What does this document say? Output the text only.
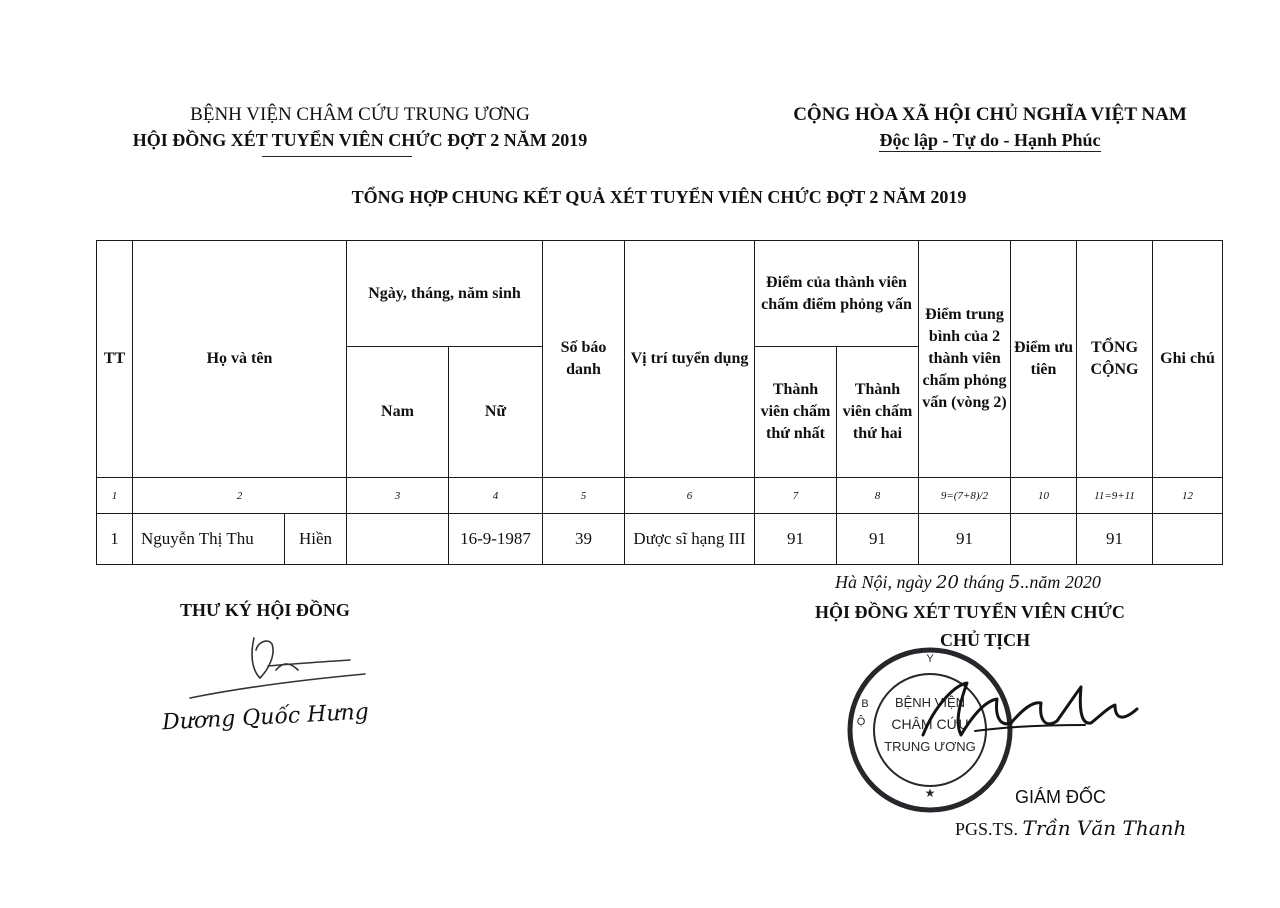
BỆNH VIỆN CHÂM CỨU TRUNG ƯƠNG
HỘI ĐỒNG XÉT TUYỂN VIÊN CHỨC ĐỢT 2 NĂM 2019
CỘNG HÒA XÃ HỘI CHỦ NGHĨA VIỆT NAM
Độc lập - Tự do - Hạnh Phúc
TỔNG HỢP CHUNG KẾT QUẢ XÉT TUYỂN VIÊN CHỨC ĐỢT 2 NĂM 2019
TT	Họ và tên		Ngày, tháng, năm sinh		Số báo danh	Vị trí tuyển dụng	Điểm của thành viên chấm điểm phỏng vấn		Điểm trung bình của 2 thành viên chấm phỏng vấn (vòng 2)	Điểm ưu tiên	TỔNG CỘNG	Ghi chú
			Nam	Nữ			Thành viên chấm thứ nhất	Thành viên chấm thứ hai				
1	2		3	4	5	6	7	8	9=(7+8)/2	10	11=9+11	12
1	Nguyễn Thị Thu	Hiền		16-9-1987	39	Dược sĩ hạng III	91	91	91		91	
Hà Nội, ngày 20 tháng 5..năm 2020
THƯ KÝ HỘI ĐỒNG
Dương Quốc Hưng
HỘI ĐỒNG XÉT TUYỂN VIÊN CHỨC
CHỦ TỊCH
Y
B
Ộ
★
BỆNH VIỆN
CHÂM CỨU
TRUNG ƯƠNG
GIÁM ĐỐC
PGS.TS. Trần Văn Thanh
